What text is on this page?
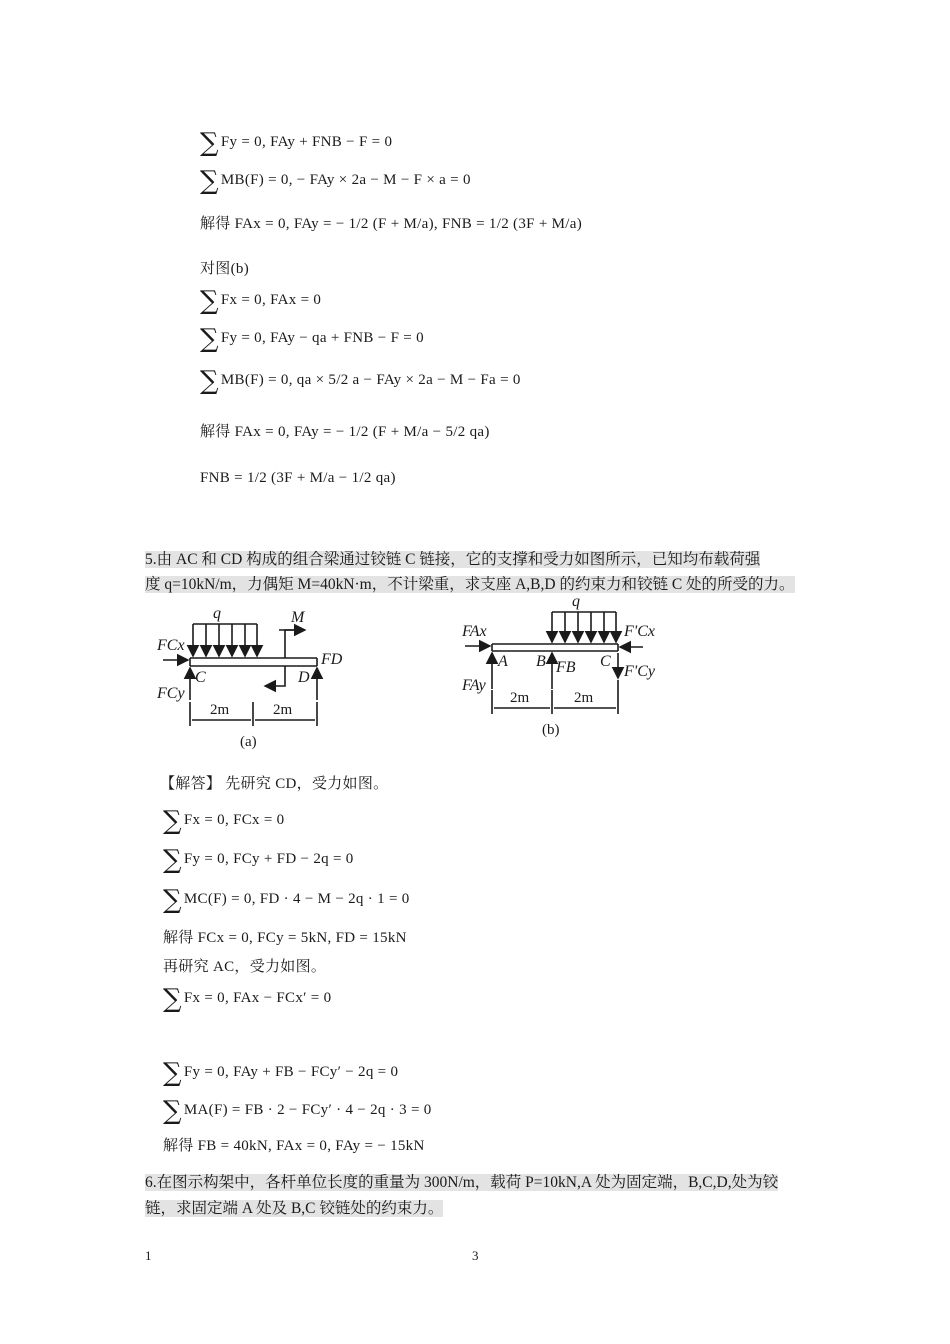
∑ Fy = 0, FAy + FNB − F = 0
∑ MB(F) = 0, − FAy × 2a − M − F × a = 0
解得 FAx = 0, FAy = − 1/2 (F + M/a), FNB = 1/2 (3F + M/a)
对图(b)
∑ Fx = 0, FAx = 0
∑ Fy = 0, FAy − qa + FNB − F = 0
∑ MB(F) = 0, qa × 5/2 a − FAy × 2a − M − Fa = 0
解得 FAx = 0, FAy = − 1/2 (F + M/a − 5/2 qa)
FNB = 1/2 (3F + M/a − 1/2 qa)
5.由 AC 和 CD 构成的组合梁通过铰链 C 链接，它的支撑和受力如图所示，已知均布载荷强
度 q=10kN/m，力偶矩 M=40kN·m，不计梁重，求支座 A,B,D 的约束力和铰链 C 处的所受的力。
q	M
FCx
FCy
C	D
FD
2m	2m
(a)
q
FAx
FAy
A B FB C
F'Cx
F'Cy
2m	2m
(b)
【解答】 先研究 CD，受力如图。
∑ Fx = 0, FCx = 0
∑ Fy = 0, FCy + FD − 2q = 0
∑ MC(F) = 0, FD · 4 − M − 2q · 1 = 0
解得 FCx = 0, FCy = 5kN, FD = 15kN
再研究 AC，受力如图。
∑ Fx = 0, FAx − FCx′ = 0
∑ Fy = 0, FAy + FB − FCy′ − 2q = 0
∑ MA(F) = FB · 2 − FCy′ · 4 − 2q · 3 = 0
解得 FB = 40kN, FAx = 0, FAy = − 15kN
6.在图示构架中，各杆单位长度的重量为 300N/m，载荷 P=10kN,A 处为固定端，B,C,D,处为铰
链，求固定端 A 处及 B,C 铰链处的约束力。
1	3
